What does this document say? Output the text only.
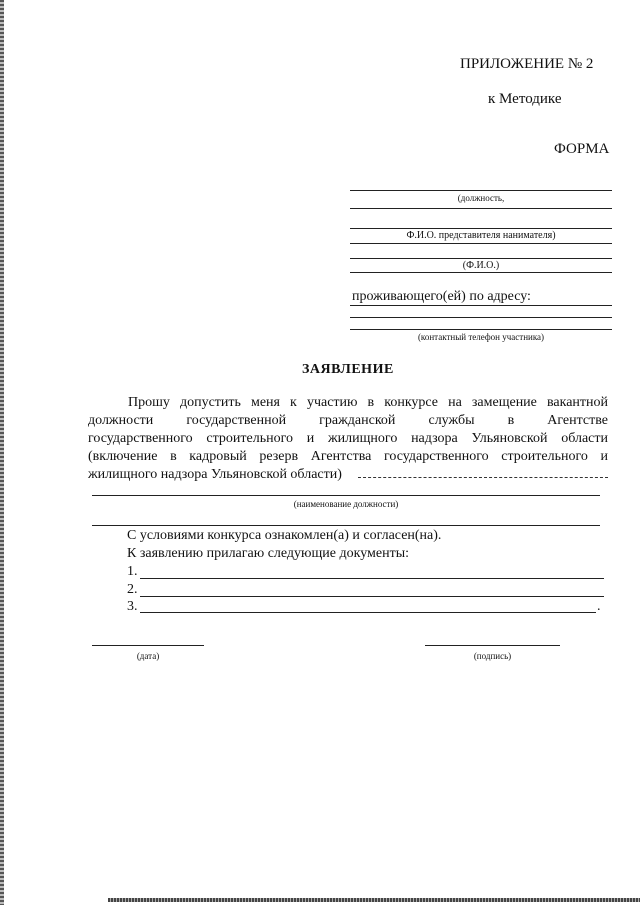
ПРИЛОЖЕНИЕ № 2
к Методике
ФОРМА
(должность,
Ф.И.О. представителя нанимателя)
(Ф.И.О.)
проживающего(ей) по адресу:
(контактный телефон участника)
ЗАЯВЛЕНИЕ
Прошу допустить меня к участию в конкурсе на замещение вакантной
должности государственной гражданской службы в Агентстве
государственного строительного и жилищного надзора Ульяновской области
(включение в кадровый резерв Агентства государственного строительного и
жилищного надзора Ульяновской области)
(наименование должности)
С условиями конкурса ознакомлен(а) и согласен(на).
К заявлению прилагаю следующие документы:
1.
2.
3.	.
(дата)	(подпись)
